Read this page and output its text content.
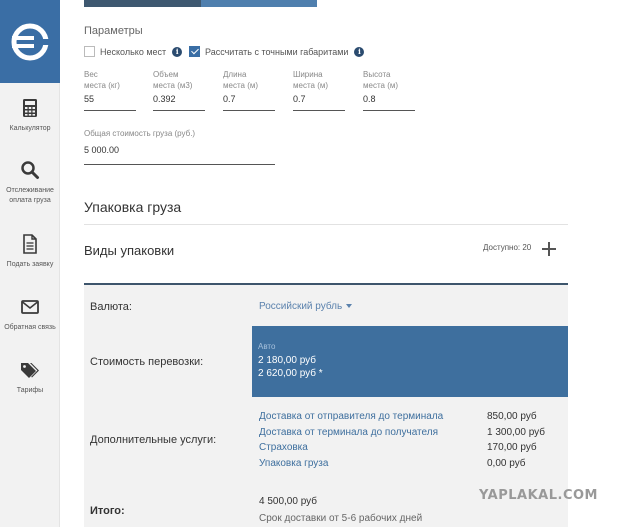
Калькулятор
Отслеживание оплата груза
Подать заявку
Обратная связь
Тарифы
Параметры
Несколько мест	i	Рассчитать с точными габаритами	i
Вес
места (кг)
55
Объем
места (м3)
0.392
Длина
места (м)
0.7
Ширина
места (м)
0.7
Высота
места (м)
0.8
Общая стоимость груза (руб.)
5 000.00
Упаковка груза
Виды упаковки	Доступно: 20
Валюта:	Российский рубль
Стоимость перевозки:
Авто
2 180,00 руб
2 620,00 руб *
Дополнительные услуги:
Доставка от отправителя до терминала	850,00 руб
Доставка от терминала до получателя	1 300,00 руб
Страховка	170,00 руб
Упаковка груза	0,00 руб
Итого:
4 500,00 руб
Срок доставки от 5-6 рабочих дней
YAPLAKAL.COM
